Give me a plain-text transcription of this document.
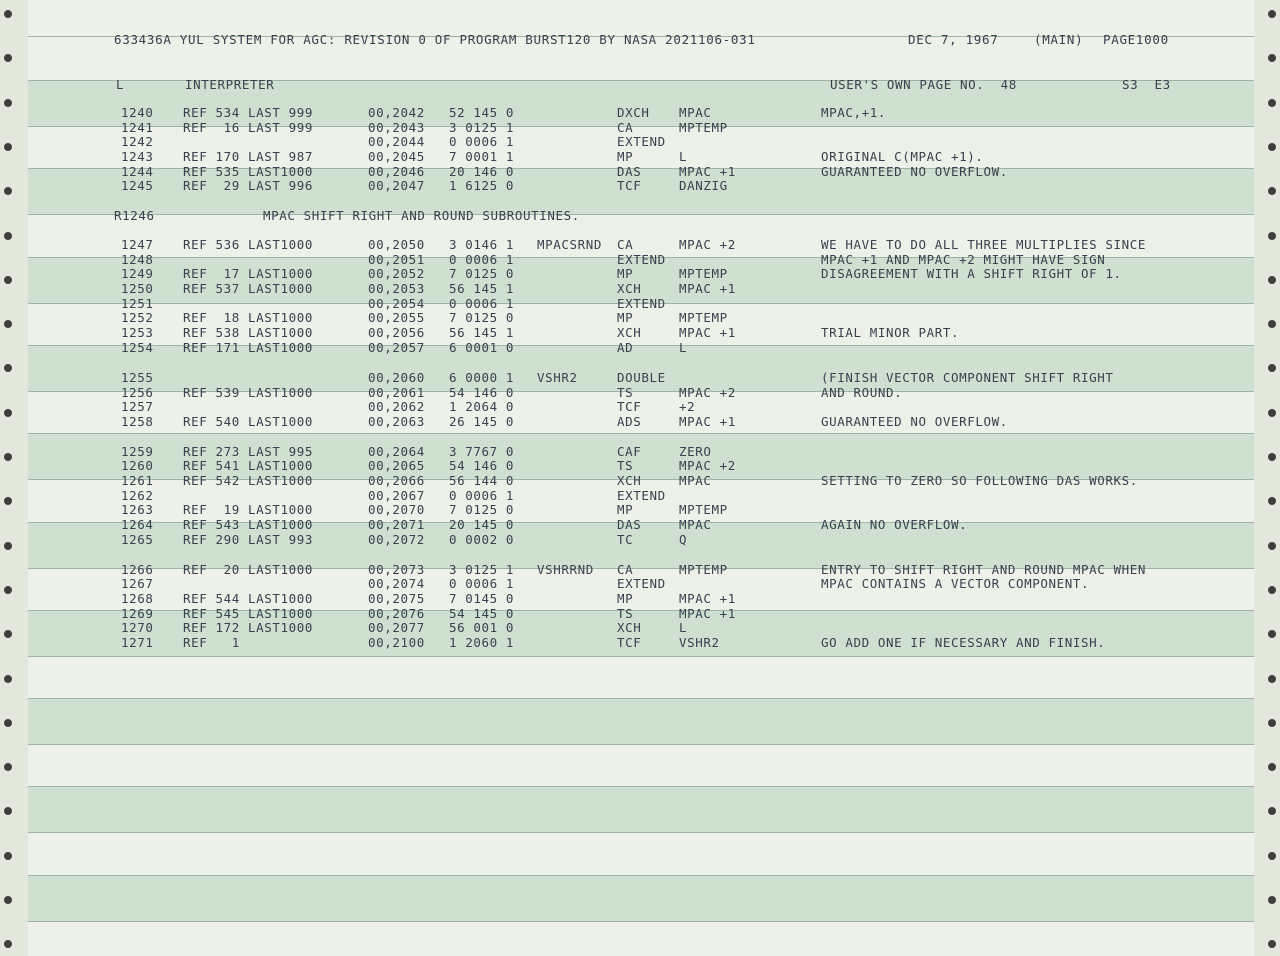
633436A YUL SYSTEM FOR AGC: REVISION 0 OF PROGRAM BURST120 BY NASA 2021106-031	DEC 7, 1967	(MAIN) PAGE1000
L	INTERPRETER	USER'S OWN PAGE NO.  48	S3  E3
R1246	MPAC SHIFT RIGHT AND ROUND SUBROUTINES.
1240 REF 534 LAST 999	00,2042 52 145 0	DXCH MPAC	MPAC,+1.
1241 REF  16 LAST 999	00,2043 3 0125 1	CA	MPTEMP
1242	00,2044 0 0006 1	EXTEND
1243 REF 170 LAST 987	00,2045 7 0001 1	MP	L	ORIGINAL C(MPAC +1).
1244 REF 535 LAST1000	00,2046 20 146 0	DAS	MPAC +1	GUARANTEED NO OVERFLOW.
1245 REF  29 LAST 996	00,2047 1 6125 0	TCF	DANZIG
1247 REF 536 LAST1000	00,2050 3 0146 1 MPACSRND CA	MPAC +2	WE HAVE TO DO ALL THREE MULTIPLIES SINCE
1248	00,2051 0 0006 1	EXTEND	MPAC +1 AND MPAC +2 MIGHT HAVE SIGN
1249 REF  17 LAST1000	00,2052 7 0125 0	MP	MPTEMP	DISAGREEMENT WITH A SHIFT RIGHT OF 1.
1250 REF 537 LAST1000	00,2053 56 145 1	XCH	MPAC +1
1251	00,2054 0 0006 1	EXTEND
1252 REF  18 LAST1000	00,2055 7 0125 0	MP	MPTEMP
1253 REF 538 LAST1000	00,2056 56 145 1	XCH	MPAC +1	TRIAL MINOR PART.
1254 REF 171 LAST1000	00,2057 6 0001 0	AD	L
1255	00,2060 6 0000 1 VSHR2	DOUBLE	(FINISH VECTOR COMPONENT SHIFT RIGHT
1256 REF 539 LAST1000	00,2061 54 146 0	TS	MPAC +2	AND ROUND.
1257	00,2062 1 2064 0	TCF	+2
1258 REF 540 LAST1000	00,2063 26 145 0	ADS	MPAC +1	GUARANTEED NO OVERFLOW.
1259 REF 273 LAST 995	00,2064 3 7767 0	CAF	ZERO
1260 REF 541 LAST1000	00,2065 54 146 0	TS	MPAC +2
1261 REF 542 LAST1000	00,2066 56 144 0	XCH	MPAC	SETTING TO ZERO SO FOLLOWING DAS WORKS.
1262	00,2067 0 0006 1	EXTEND
1263 REF  19 LAST1000	00,2070 7 0125 0	MP	MPTEMP
1264 REF 543 LAST1000	00,2071 20 145 0	DAS	MPAC	AGAIN NO OVERFLOW.
1265 REF 290 LAST 993	00,2072 0 0002 0	TC	Q
1266 REF  20 LAST1000	00,2073 3 0125 1 VSHRRND CA	MPTEMP	ENTRY TO SHIFT RIGHT AND ROUND MPAC WHEN
1267	00,2074 0 0006 1	EXTEND	MPAC CONTAINS A VECTOR COMPONENT.
1268 REF 544 LAST1000	00,2075 7 0145 0	MP	MPAC +1
1269 REF 545 LAST1000	00,2076 54 145 0	TS	MPAC +1
1270 REF 172 LAST1000	00,2077 56 001 0	XCH	L
1271 REF   1	00,2100 1 2060 1	TCF	VSHR2	GO ADD ONE IF NECESSARY AND FINISH.
